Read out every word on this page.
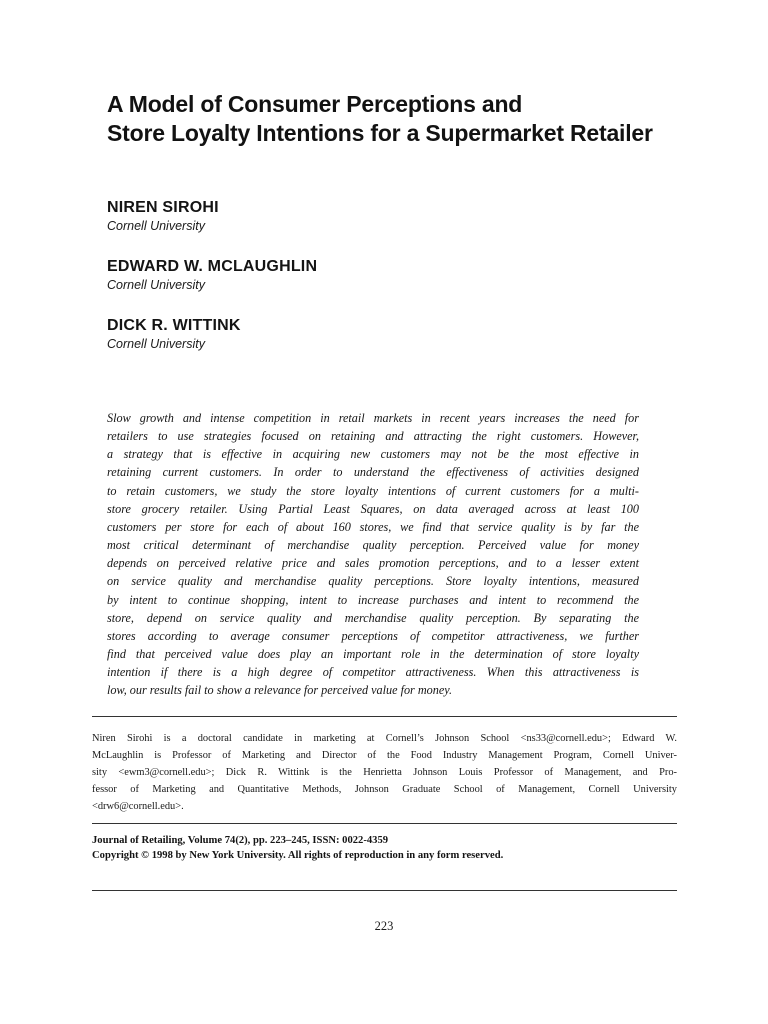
A Model of Consumer Perceptions and
Store Loyalty Intentions for a Supermarket Retailer
NIREN SIROHI
Cornell University
EDWARD W. MCLAUGHLIN
Cornell University
DICK R. WITTINK
Cornell University
Slow growth and intense competition in retail markets in recent years increases the need for
retailers to use strategies focused on retaining and attracting the right customers. However,
a strategy that is effective in acquiring new customers may not be the most effective in
retaining current customers. In order to understand the effectiveness of activities designed
to retain customers, we study the store loyalty intentions of current customers for a multi-
store grocery retailer. Using Partial Least Squares, on data averaged across at least 100
customers per store for each of about 160 stores, we find that service quality is by far the
most critical determinant of merchandise quality perception. Perceived value for money
depends on perceived relative price and sales promotion perceptions, and to a lesser extent
on service quality and merchandise quality perceptions. Store loyalty intentions, measured
by intent to continue shopping, intent to increase purchases and intent to recommend the
store, depend on service quality and merchandise quality perception. By separating the
stores according to average consumer perceptions of competitor attractiveness, we further
find that perceived value does play an important role in the determination of store loyalty
intention if there is a high degree of competitor attractiveness. When this attractiveness is
low, our results fail to show a relevance for perceived value for money.
Niren Sirohi is a doctoral candidate in marketing at Cornell’s Johnson School <ns33@cornell.edu>; Edward W.
McLaughlin is Professor of Marketing and Director of the Food Industry Management Program, Cornell Univer-
sity <ewm3@cornell.edu>; Dick R. Wittink is the Henrietta Johnson Louis Professor of Management, and Pro-
fessor of Marketing and Quantitative Methods, Johnson Graduate School of Management, Cornell University
<drw6@cornell.edu>.
Journal of Retailing, Volume 74(2), pp. 223–245, ISSN: 0022-4359
Copyright © 1998 by New York University. All rights of reproduction in any form reserved.
223
